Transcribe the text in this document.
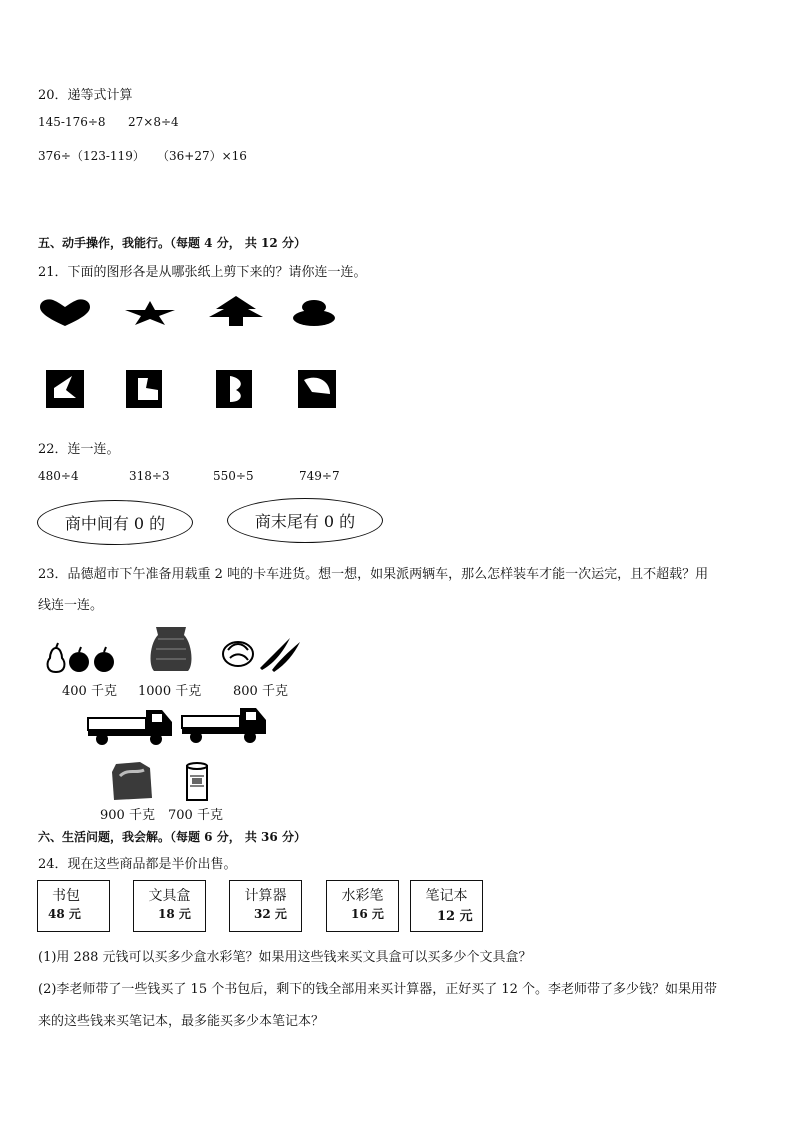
20．递等式计算
145-176÷8 27×8÷4
376÷（123-119） （36+27）×16
五、动手操作，我能行。（每题 4 分， 共 12 分）
21．下面的图形各是从哪张纸上剪下来的？请你连一连。
22．连一连。
480÷4	318÷3	550÷5	749÷7
商中间有 0 的	商末尾有 0 的
23．品德超市下午准备用载重 2 吨的卡车进货。想一想，如果派两辆车，那么怎样装车才能一次运完，且不超载？用
线连一连。
400 千克 1000 千克 800 千克
900 千克 700 千克
六、生活问题，我会解。（每题 6 分， 共 36 分）
24．现在这些商品都是半价出售。
书包
48 元
文具盒
18 元
计算器
32 元
水彩笔
16 元
笔记本
12 元
(1)用 288 元钱可以买多少盒水彩笔？如果用这些钱来买文具盒可以买多少个文具盒？
(2)李老师带了一些钱买了 15 个书包后，剩下的钱全部用来买计算器，正好买了 12 个。李老师带了多少钱？如果用带
来的这些钱来买笔记本，最多能买多少本笔记本？
